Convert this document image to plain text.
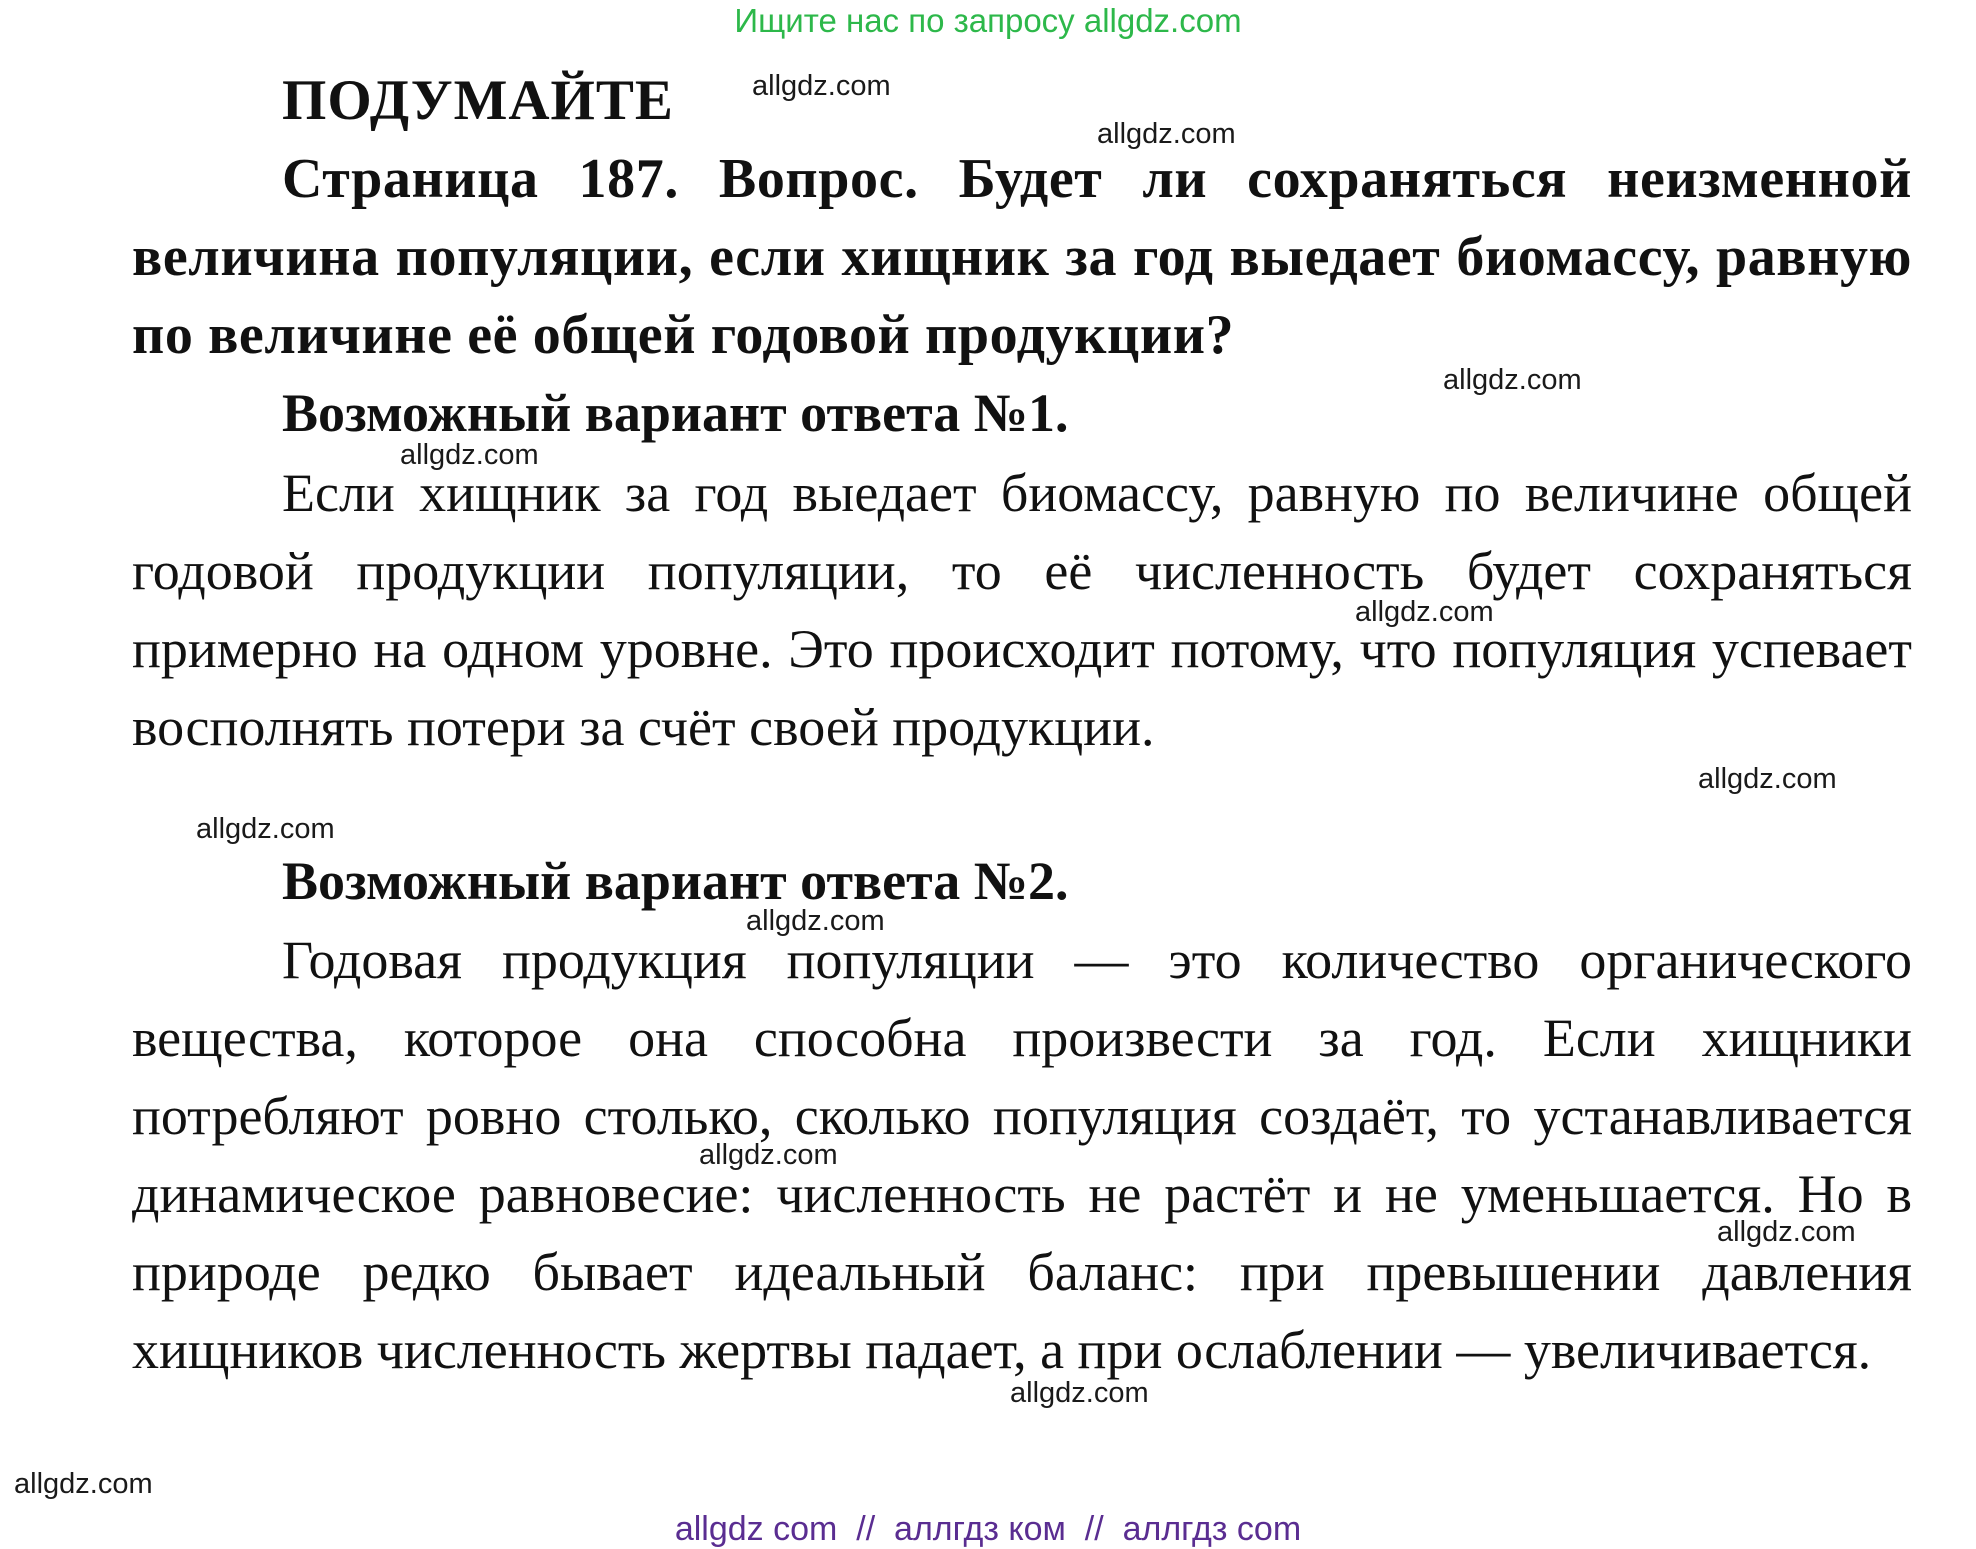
Ищите нас по запросу allgdz.com
ПОДУМАЙТЕ
Страница 187. Вопрос. Будет ли сохраняться неизменной величина популяции, если хищник за год выедает биомассу, равную по величине её общей годовой продукции?
Возможный вариант ответа №1.
Если хищник за год выедает биомассу, равную по величине общей годовой продукции популяции, то её численность будет сохраняться примерно на одном уровне. Это происходит потому, что популяция успевает восполнять потери за счёт своей продукции.
Возможный вариант ответа №2.
Годовая продукция популяции — это количество органического вещества, которое она способна произвести за год. Если хищники потребляют ровно столько, сколько популяция создаёт, то устанавливается динамическое равновесие: численность не растёт и не уменьшается. Но в природе редко бывает идеальный баланс: при превышении давления хищников численность жертвы падает, а при ослаблении — увеличивается.
allgdz.com
allgdz.com
allgdz.com
allgdz.com
allgdz.com
allgdz.com
allgdz.com
allgdz.com
allgdz.com
allgdz.com
allgdz.com
allgdz.com
allgdz com  //  аллгдз ком  //  аллгдз com
